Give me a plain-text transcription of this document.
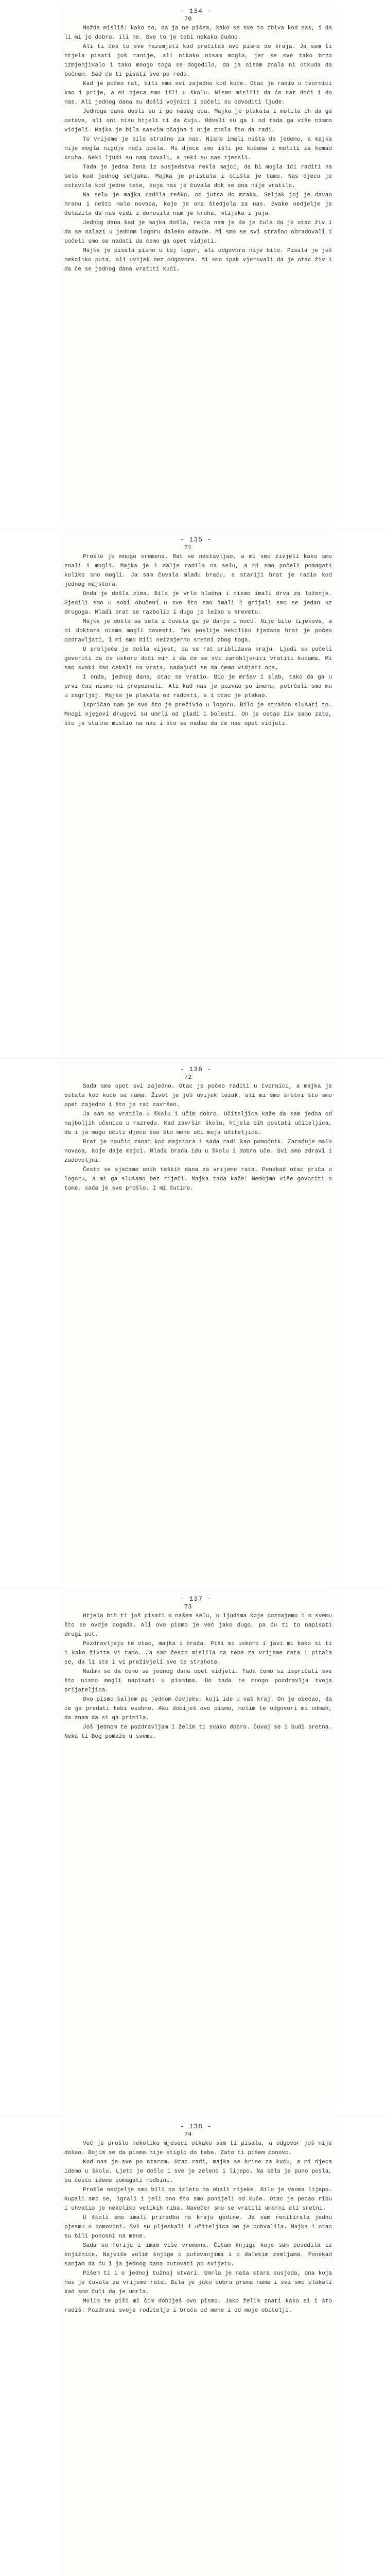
- 134 -
70

Možda misliš: kako to, da ja ne pišem, kako se sve to zbiva kod nas, i da li mi je dobro, ili ne. Sve to je tebi nekako čudno.

Ali ti ćeš to sve razumjeti kad pročitaš ovo pismo do kraja. Ja sam ti htjela pisati još ranije, ali nikako nisam mogla, jer se sve tako brzo izmjenjivalo i tako mnogo toga se dogodilo, da ja nisam znala ni otkuda da počnem. Sad ću ti pisati sve po redu.

Kad je počeo rat, bili smo svi zajedno kod kuće. Otac je radio u tvornici kao i prije, a mi djeca smo išli u školu. Nismo mislili da će rat doći i do nas. Ali jednog dana su došli vojnici i počeli su odvoditi ljude.

Jednoga dana došli su i po našeg oca. Majka je plakala i molila ih da ga ostave, ali oni nisu htjeli ni da čuju. Odveli su ga i od tada ga više nismo vidjeli. Majka je bila sasvim očajna i nije znala što da radi.

To vrijeme je bilo strašno za nas. Nismo imali ništa da jedemo, a majka nije mogla nigdje naći posla. Mi djeca smo išli po kućama i molili za komad kruha. Neki ljudi su nam davali, a neki su nas tjerali.

Tada je jedna žena iz susjedstva rekla majci, da bi mogla ići raditi na selo kod jednog seljaka. Majka je pristala i otišla je tamo. Nas djecu je ostavila kod jedne tete, koja nas je čuvala dok se ona nije vratila.

Na selu je majka radila teško, od jutra do mraka. Seljak joj je davao hranu i nešto malo novaca, koje je ona štedjela za nas. Svake nedjelje je dolazila da nas vidi i donosila nam je kruha, mlijeka i jaja.

Jednog dana kad je majka došla, rekla nam je da je čula da je otac živ i da se nalazi u jednom logoru daleko odavde. Mi smo se svi strašno obradovali i počeli smo se nadati da ćemo ga opet vidjeti.

Majka je pisala pismo u taj logor, ali odgovora nije bilo. Pisala je još nekoliko puta, ali uvijek bez odgovora. Mi smo ipak vjerovali da je otac živ i da će se jednog dana vratiti kući.

- 135 -
71

Prošlo je mnogo vremena. Rat se nastavljao, a mi smo živjeli kako smo znali i mogli. Majka je i dalje radila na selu, a mi smo počeli pomagati koliko smo mogli. Ja sam čuvala mlađu braću, a stariji brat je radio kod jednog majstora.

Onda je došla zima. Bila je vrlo hladna i nismo imali drva za loženje. Sjedili smo u sobi obučeni u sve što smo imali i grijali smo se jedan uz drugoga. Mlađi brat se razbolio i dugo je ležao u krevetu.

Majka je došla sa sela i čuvala ga je danju i noću. Nije bilo lijekova, a ni doktora nismo mogli dovesti. Tek poslije nekoliko tjedana brat je počeo ozdravljati, i mi smo bili neizmjerno sretni zbog toga.

U proljeće je došla vijest, da se rat približava kraju. Ljudi su počeli govoriti da će uskoro doći mir i da će se svi zarobljenici vratiti kućama. Mi smo svaki dan čekali na vrata, nadajući se da ćemo vidjeti oca.

I onda, jednog dana, otac se vratio. Bio je mršav i slab, tako da ga u prvi čas nismo ni prepoznali. Ali kad nas je pozvao po imenu, potrčali smo mu u zagrljaj. Majka je plakala od radosti, a i otac je plakao.

Ispričao nam je sve što je preživio u logoru. Bilo je strašno slušati to. Mnogi njegovi drugovi su umrli od gladi i bolesti. On je ostao živ samo zato, što je stalno mislio na nas i što se nadao da će nas opet vidjeti.

- 136 -
72

Sada smo opet svi zajedno. Otac je počeo raditi u tvornici, a majka je ostala kod kuće sa nama. Život je još uvijek težak, ali mi smo sretni što smo opet zajedno i što je rat završen.

Ja sam se vratila u školu i učim dobro. Učiteljica kaže da sam jedna od najboljih učenica u razredu. Kad završim školu, htjela bih postati učiteljica, da i ja mogu učiti djecu kao što mene uči moja učiteljica.

Brat je naučio zanat kod majstora i sada radi kao pomoćnik. Zarađuje malo novaca, koje daje majci. Mlađa braća idu u školu i dobro uče. Svi smo zdravi i zadovoljni.

Često se sjećamo onih teških dana za vrijeme rata. Ponekad otac priča o logoru, a mi ga slušamo bez riječi. Majka tada kaže: Nemojmo više govoriti o tome, sada je sve prošlo. I mi šutimo.

- 137 -
73

Htjela bih ti još pisati o našem selu, o ljudima koje poznajemo i o svemu što se ovdje događa. Ali ovo pismo je već jako dugo, pa ću ti to napisati drugi put.

Pozdravljaju te otac, majka i braća. Piši mi uskoro i javi mi kako si ti i kako živite vi tamo. Ja sam često mislila na tebe za vrijeme rata i pitala se, da li ste i vi preživjeli sve te strahote.

Nadam se da ćemo se jednog dana opet vidjeti. Tada ćemo si ispričati sve što nismo mogli napisati u pismima. Do tada te mnogo pozdravlja tvoja prijateljica.

Ovo pismo šaljem po jednom čovjeku, koji ide u vaš kraj. On je obećao, da će ga predati tebi osobno. Ako dobiješ ovo pismo, molim te odgovori mi odmah, da znam da si ga primila.

Još jednom te pozdravljam i želim ti svako dobro. Čuvaj se i budi sretna. Neka ti Bog pomaže u svemu.

- 138 -
74

Već je prošlo nekoliko mjeseci otkako sam ti pisala, a odgovor još nije došao. Bojim se da pismo nije stiglo do tebe. Zato ti pišem ponovo.

Kod nas je sve po starom. Otac radi, majka se brine za kuću, a mi djeca idemo u školu. Ljeto je došlo i sve je zeleno i lijepo. Na selu je puno posla, pa često idemo pomagati rodbini.

Prošle nedjelje smo bili na izletu na obali rijeke. Bilo je veoma lijepo. Kupali smo se, igrali i jeli ono što smo ponijeli od kuće. Otac je pecao ribu i uhvatio je nekoliko velikih riba. Navečer smo se vratili umorni ali sretni.

U školi smo imali priredbu na kraju godine. Ja sam recitirala jednu pjesmu o domovini. Svi su pljeskali i učiteljica me je pohvalila. Majka i otac su bili ponosni na mene.

Sada su ferije i imam više vremena. Čitam knjige koje sam posudila iz knjižnice. Najviše volim knjige o putovanjima i o dalekim zemljama. Ponekad sanjam da ću i ja jednog dana putovati po svijetu.

Pišem ti i o jednoj tužnoj stvari. Umrla je naša stara susjeda, ona koja nas je čuvala za vrijeme rata. Bila je jako dobra prema nama i svi smo plakali kad smo čuli da je umrla.

Molim te piši mi čim dobiješ ovo pismo. Jako želim znati kako si i što radiš. Pozdravi svoje roditelje i braću od mene i od moje obitelji.
